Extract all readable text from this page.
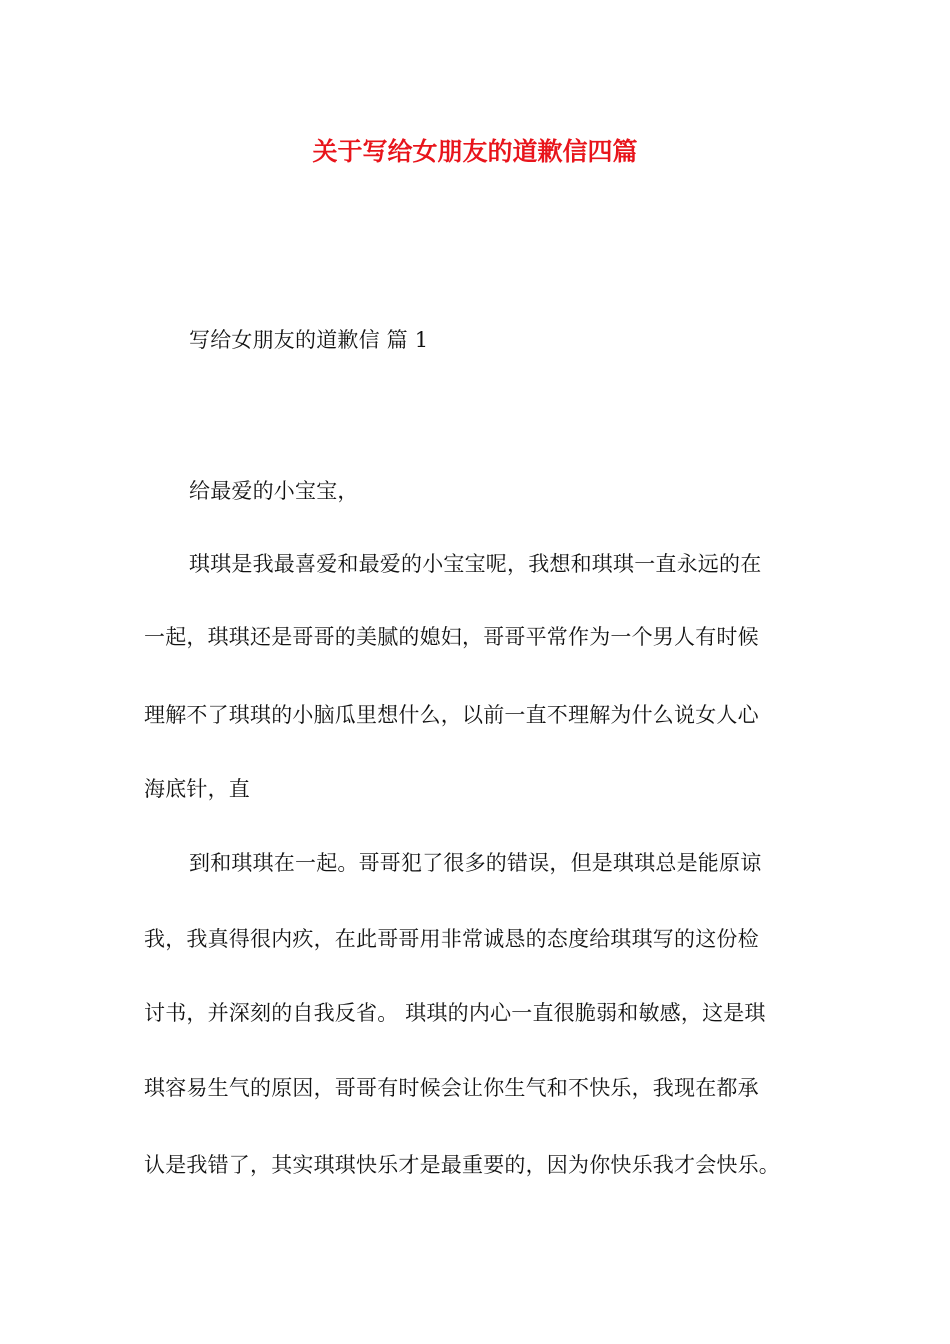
关于写给女朋友的道歉信四篇
写给女朋友的道歉信 篇 1
给最爱的小宝宝，
琪琪是我最喜爱和最爱的小宝宝呢，我想和琪琪一直永远的在
一起，琪琪还是哥哥的美腻的媳妇，哥哥平常作为一个男人有时候
理解不了琪琪的小脑瓜里想什么，以前一直不理解为什么说女人心
海底针，直
到和琪琪在一起。哥哥犯了很多的错误，但是琪琪总是能原谅
我，我真得很内疚，在此哥哥用非常诚恳的态度给琪琪写的这份检
讨书，并深刻的自我反省。 琪琪的内心一直很脆弱和敏感，这是琪
琪容易生气的原因，哥哥有时候会让你生气和不快乐，我现在都承
认是我错了，其实琪琪快乐才是最重要的，因为你快乐我才会快乐。
